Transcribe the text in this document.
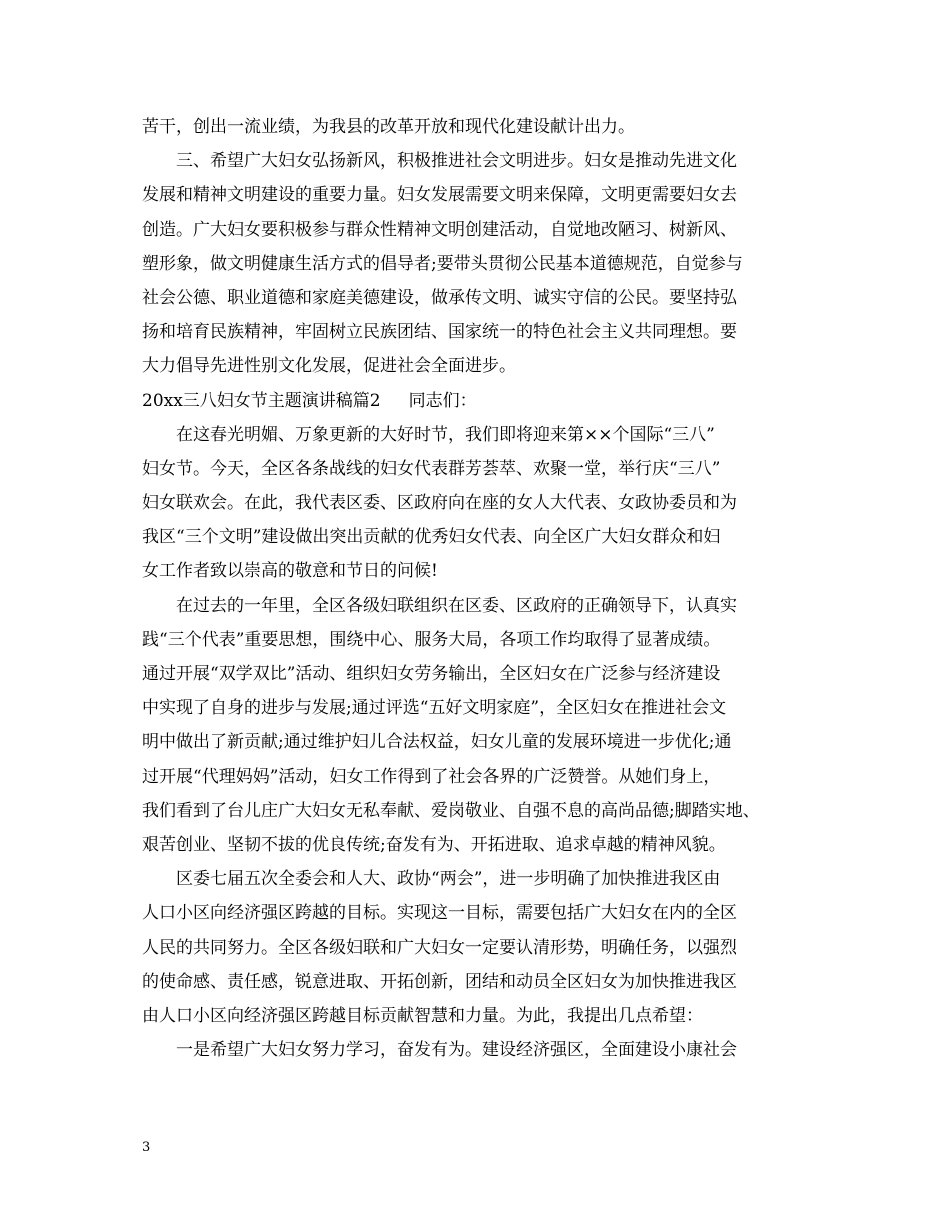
苦干，创出一流业绩，为我县的改革开放和现代化建设献计出力。
三、希望广大妇女弘扬新风，积极推进社会文明进步。妇女是推动先进文化
发展和精神文明建设的重要力量。妇女发展需要文明来保障，文明更需要妇女去
创造。广大妇女要积极参与群众性精神文明创建活动，自觉地改陋习、树新风、
塑形象，做文明健康生活方式的倡导者;要带头贯彻公民基本道德规范，自觉参与
社会公德、职业道德和家庭美德建设，做承传文明、诚实守信的公民。要坚持弘
扬和培育民族精神，牢固树立民族团结、国家统一的特色社会主义共同理想。要
大力倡导先进性别文化发展，促进社会全面进步。
20xx三八妇女节主题演讲稿篇2 同志们：
在这春光明媚、万象更新的大好时节，我们即将迎来第××个国际“三八”
妇女节。今天，全区各条战线的妇女代表群芳荟萃、欢聚一堂，举行庆“三八”
妇女联欢会。在此，我代表区委、区政府向在座的女人大代表、女政协委员和为
我区“三个文明”建设做出突出贡献的优秀妇女代表、向全区广大妇女群众和妇
女工作者致以崇高的敬意和节日的问候!
在过去的一年里，全区各级妇联组织在区委、区政府的正确领导下，认真实
践“三个代表”重要思想，围绕中心、服务大局，各项工作均取得了显著成绩。
通过开展“双学双比”活动、组织妇女劳务输出，全区妇女在广泛参与经济建设
中实现了自身的进步与发展;通过评选“五好文明家庭”，全区妇女在推进社会文
明中做出了新贡献;通过维护妇儿合法权益，妇女儿童的发展环境进一步优化;通
过开展“代理妈妈”活动，妇女工作得到了社会各界的广泛赞誉。从她们身上，
我们看到了台儿庄广大妇女无私奉献、爱岗敬业、自强不息的高尚品德;脚踏实地、
艰苦创业、坚韧不拔的优良传统;奋发有为、开拓进取、追求卓越的精神风貌。
区委七届五次全委会和人大、政协“两会”，进一步明确了加快推进我区由
人口小区向经济强区跨越的目标。实现这一目标，需要包括广大妇女在内的全区
人民的共同努力。全区各级妇联和广大妇女一定要认清形势，明确任务，以强烈
的使命感、责任感，锐意进取、开拓创新，团结和动员全区妇女为加快推进我区
由人口小区向经济强区跨越目标贡献智慧和力量。为此，我提出几点希望：
一是希望广大妇女努力学习，奋发有为。建设经济强区，全面建设小康社会
3
